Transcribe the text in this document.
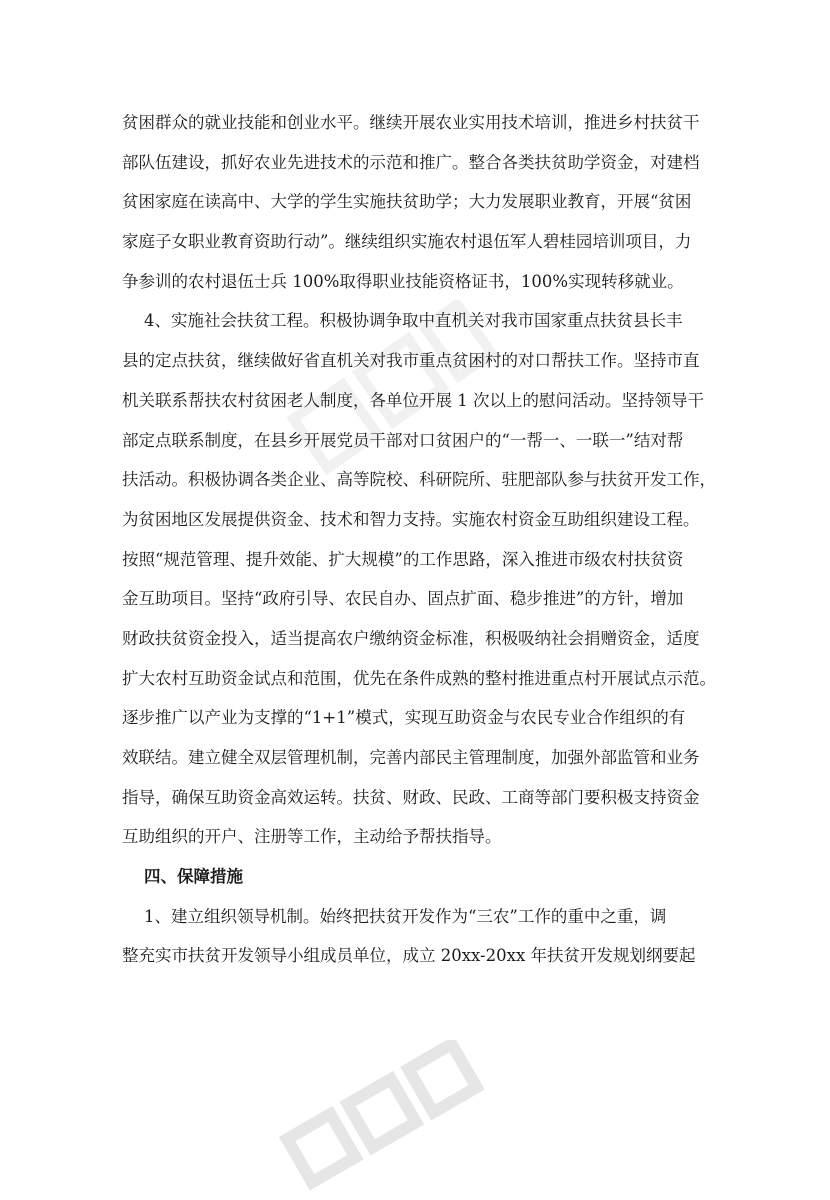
贫困群众的就业技能和创业水平。继续开展农业实用技术培训，推进乡村扶贫干

部队伍建设，抓好农业先进技术的示范和推广。整合各类扶贫助学资金，对建档

贫困家庭在读高中、大学的学生实施扶贫助学；大力发展职业教育，开展“贫困

家庭子女职业教育资助行动”。继续组织实施农村退伍军人碧桂园培训项目，力

争参训的农村退伍士兵 100%取得职业技能资格证书，100%实现转移就业。

4、实施社会扶贫工程。积极协调争取中直机关对我市国家重点扶贫县长丰

县的定点扶贫，继续做好省直机关对我市重点贫困村的对口帮扶工作。坚持市直

机关联系帮扶农村贫困老人制度，各单位开展 1 次以上的慰问活动。坚持领导干

部定点联系制度，在县乡开展党员干部对口贫困户的“一帮一、一联一”结对帮

扶活动。积极协调各类企业、高等院校、科研院所、驻肥部队参与扶贫开发工作，

为贫困地区发展提供资金、技术和智力支持。实施农村资金互助组织建设工程。

按照“规范管理、提升效能、扩大规模”的工作思路，深入推进市级农村扶贫资

金互助项目。坚持“政府引导、农民自办、固点扩面、稳步推进”的方针，增加

财政扶贫资金投入，适当提高农户缴纳资金标准，积极吸纳社会捐赠资金，适度

扩大农村互助资金试点和范围，优先在条件成熟的整村推进重点村开展试点示范。

逐步推广以产业为支撑的“1+1”模式，实现互助资金与农民专业合作组织的有

效联结。建立健全双层管理机制，完善内部民主管理制度，加强外部监管和业务

指导，确保互助资金高效运转。扶贫、财政、民政、工商等部门要积极支持资金

互助组织的开户、注册等工作，主动给予帮扶指导。

四、保障措施

1、建立组织领导机制。始终把扶贫开发作为“三农”工作的重中之重，调

整充实市扶贫开发领导小组成员单位，成立 20xx-20xx 年扶贫开发规划纲要起
